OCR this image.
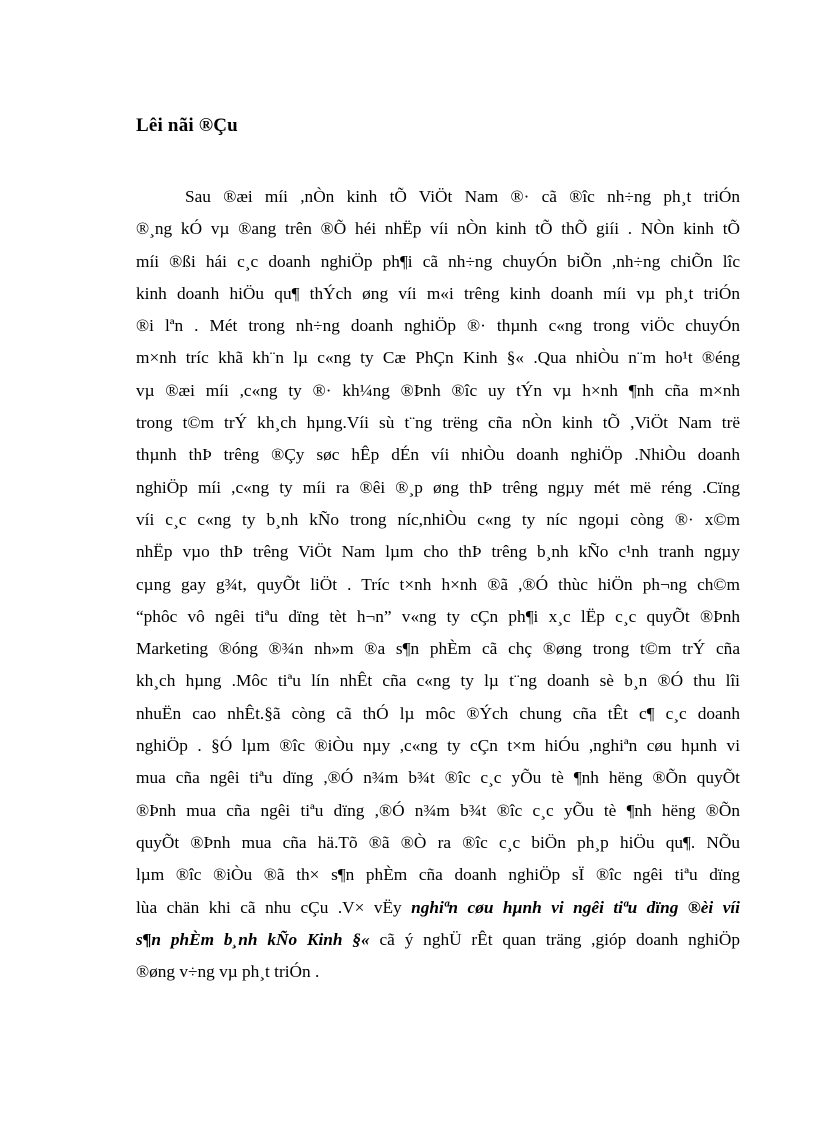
Lêi nãi ®Çu
Sau ®æi míi ,nÒn kinh tÕ ViÖt Nam ®· cã ®îc nh÷ng ph¸t triÓn
®¸ng kÓ vµ ®ang trên ®Õ héi nhËp víi nÒn kinh tÕ thÕ giíi . NÒn kinh tÕ
míi ®ßi hái c¸c doanh nghiÖp ph¶i cã nh÷ng chuyÓn biÕn ,nh÷ng chiÕn lîc
kinh doanh hiÖu qu¶ thÝch øng víi m«i trêng kinh doanh míi vµ ph¸t triÓn
®i lªn . Mét trong nh÷ng doanh nghiÖp ®· thµnh c«ng trong viÖc chuyÓn
m×nh tríc khã kh¨n lµ c«ng ty Cæ PhÇn Kinh §« .Qua nhiÒu n¨m ho¹t ®éng
vµ ®æi míi ,c«ng ty ®· kh¼ng ®Þnh ®îc uy tÝn vµ h×nh ¶nh cña m×nh
trong t©m trÝ kh¸ch hµng.Víi sù t¨ng trëng cña nÒn kinh tÕ ,ViÖt Nam trë
thµnh thÞ trêng ®Çy søc hÊp dÉn víi nhiÒu doanh nghiÖp .NhiÒu doanh
nghiÖp míi ,c«ng ty míi ra ®êi ®¸p øng thÞ trêng ngµy mét më réng .Cïng
víi c¸c c«ng ty b¸nh kÑo trong níc,nhiÒu c«ng ty níc ngoµi còng ®· x©m
nhËp vµo thÞ trêng ViÖt Nam lµm cho thÞ trêng b¸nh kÑo c¹nh tranh ngµy
cµng gay g¾t, quyÕt liÖt . Tríc t×nh h×nh ®ã ,®Ó thùc hiÖn ph¬ng ch©m
“phôc vô ngêi tiªu dïng tèt h¬n” v«ng ty cÇn ph¶i x¸c lËp c¸c quyÕt ®Þnh
Marketing ®óng ®¾n nh»m ®a s¶n phÈm cã chç ®øng trong t©m trÝ cña
kh¸ch hµng .Môc tiªu lín nhÊt cña c«ng ty lµ t¨ng doanh sè b¸n ®Ó thu lîi
nhuËn cao nhÊt.§ã còng cã thÓ lµ môc ®Ých chung cña tÊt c¶ c¸c doanh
nghiÖp . §Ó lµm ®îc ®iÒu nµy ,c«ng ty cÇn t×m hiÓu ,nghiªn cøu hµnh vi
mua cña ngêi tiªu dïng ,®Ó n¾m b¾t ®îc c¸c yÕu tè ¶nh hëng ®Õn quyÕt
®Þnh mua cña ngêi tiªu dïng ,®Ó n¾m b¾t ®îc c¸c yÕu tè ¶nh hëng ®Õn
quyÕt ®Þnh mua cña hä.Tõ ®ã ®Ò ra ®îc c¸c biÖn ph¸p hiÖu qu¶. NÕu
lµm ®îc ®iÒu ®ã th× s¶n phÈm cña doanh nghiÖp sÏ ®îc ngêi tiªu dïng
lùa chän khi cã nhu cÇu .V× vËy nghiªn cøu hµnh vi ngêi tiªu dïng ®èi víi
s¶n phÈm b¸nh kÑo Kinh §« cã ý nghÜ rÊt quan träng ,gióp doanh nghiÖp
®øng v÷ng vµ ph¸t triÓn .
